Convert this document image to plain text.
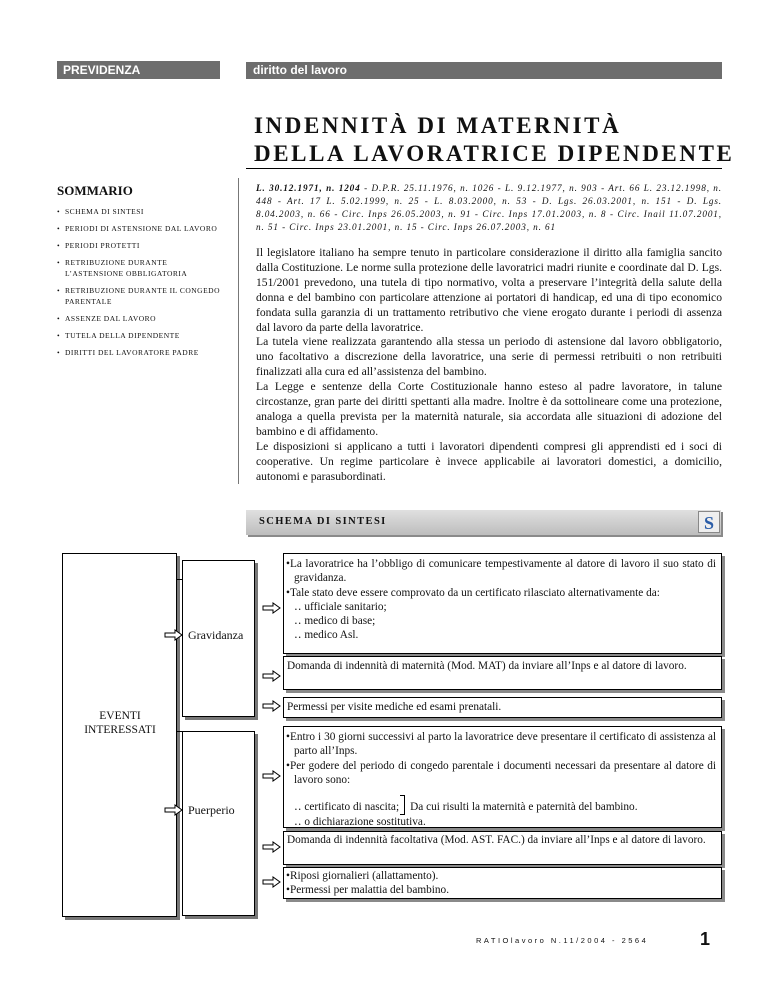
PREVIDENZA	diritto del lavoro
INDENNITÀ DI MATERNITÀ
DELLA LAVORATRICE DIPENDENTE
SOMMARIO
• SCHEMA DI SINTESI
• PERIODI DI ASTENSIONE DAL LAVORO
• PERIODI PROTETTI
• RETRIBUZIONE DURANTE L’ASTENSIONE OBBLIGATORIA
• RETRIBUZIONE DURANTE IL CONGEDO PARENTALE
• ASSENZE DAL LAVORO
• TUTELA DELLA DIPENDENTE
• DIRITTI DEL LAVORATORE PADRE
L. 30.12.1971, n. 1204 - D.P.R. 25.11.1976, n. 1026 - L. 9.12.1977, n. 903 - Art. 66 L. 23.12.1998, n. 448 - Art. 17 L. 5.02.1999, n. 25 - L. 8.03.2000, n. 53 - D. Lgs. 26.03.2001, n. 151 - D. Lgs. 8.04.2003, n. 66 - Circ. Inps 26.05.2003, n. 91 - Circ. Inps 17.01.2003, n. 8 - Circ. Inail 11.07.2001, n. 51 - Circ. Inps 23.01.2001, n. 15 - Circ. Inps 26.07.2003, n. 61

Il legislatore italiano ha sempre tenuto in particolare considerazione il diritto alla famiglia sancito dalla Costituzione. Le norme sulla protezione delle lavoratrici madri riunite e coordinate dal D. Lgs. 151/2001 prevedono, una tutela di tipo normativo, volta a preservare l’integrità della salute della donna e del bambino con particolare attenzione ai portatori di handicap, ed una di tipo economico fondata sulla garanzia di un trattamento retributivo che viene erogato durante i periodi di assenza dal lavoro da parte della lavoratrice.

La tutela viene realizzata garantendo alla stessa un periodo di astensione dal lavoro obbligatorio, uno facoltativo a discrezione della lavoratrice, una serie di permessi retribuiti o non retribuiti finalizzati alla cura ed all’assistenza del bambino.

La Legge e sentenze della Corte Costituzionale hanno esteso al padre lavoratore, in talune circostanze, gran parte dei diritti spettanti alla madre. Inoltre è da sottolineare come una protezione, analoga a quella prevista per la maternità naturale, sia accordata alle situazioni di adozione del bambino e di affidamento.

Le disposizioni si applicano a tutti i lavoratori dipendenti compresi gli apprendisti ed i soci di cooperative. Un regime particolare è invece applicabile ai lavoratori domestici, a domicilio, autonomi e parasubordinati.

SCHEMA DI SINTESI	S
EVENTI INTERESSATI
Gravidanza
Puerperio
•La lavoratrice ha l’obbligo di comunicare tempestivamente al datore di lavoro il suo stato di gravidanza.
•Tale stato deve essere comprovato da un certificato rilasciato alternativamente da:
‥ ufficiale sanitario;
‥ medico di base;
‥ medico Asl.
Domanda di indennità di maternità (Mod. MAT) da inviare all’Inps e al datore di lavoro.
Permessi per visite mediche ed esami prenatali.
•Entro i 30 giorni successivi al parto la lavoratrice deve presentare il certificato di assistenza al parto all’Inps.
•Per godere del periodo di congedo parentale i documenti necessari da presentare al datore di lavoro sono:
‥ certificato di nascita; Da cui risulti la maternità e paternità del bambino.
‥ o dichiarazione sostitutiva.
Domanda di indennità facoltativa (Mod. AST. FAC.) da inviare all’Inps e al datore di lavoro.
•Riposi giornalieri (allattamento).
•Permessi per malattia del bambino.
RATIOlavoro N.11/2004 - 2564	1
